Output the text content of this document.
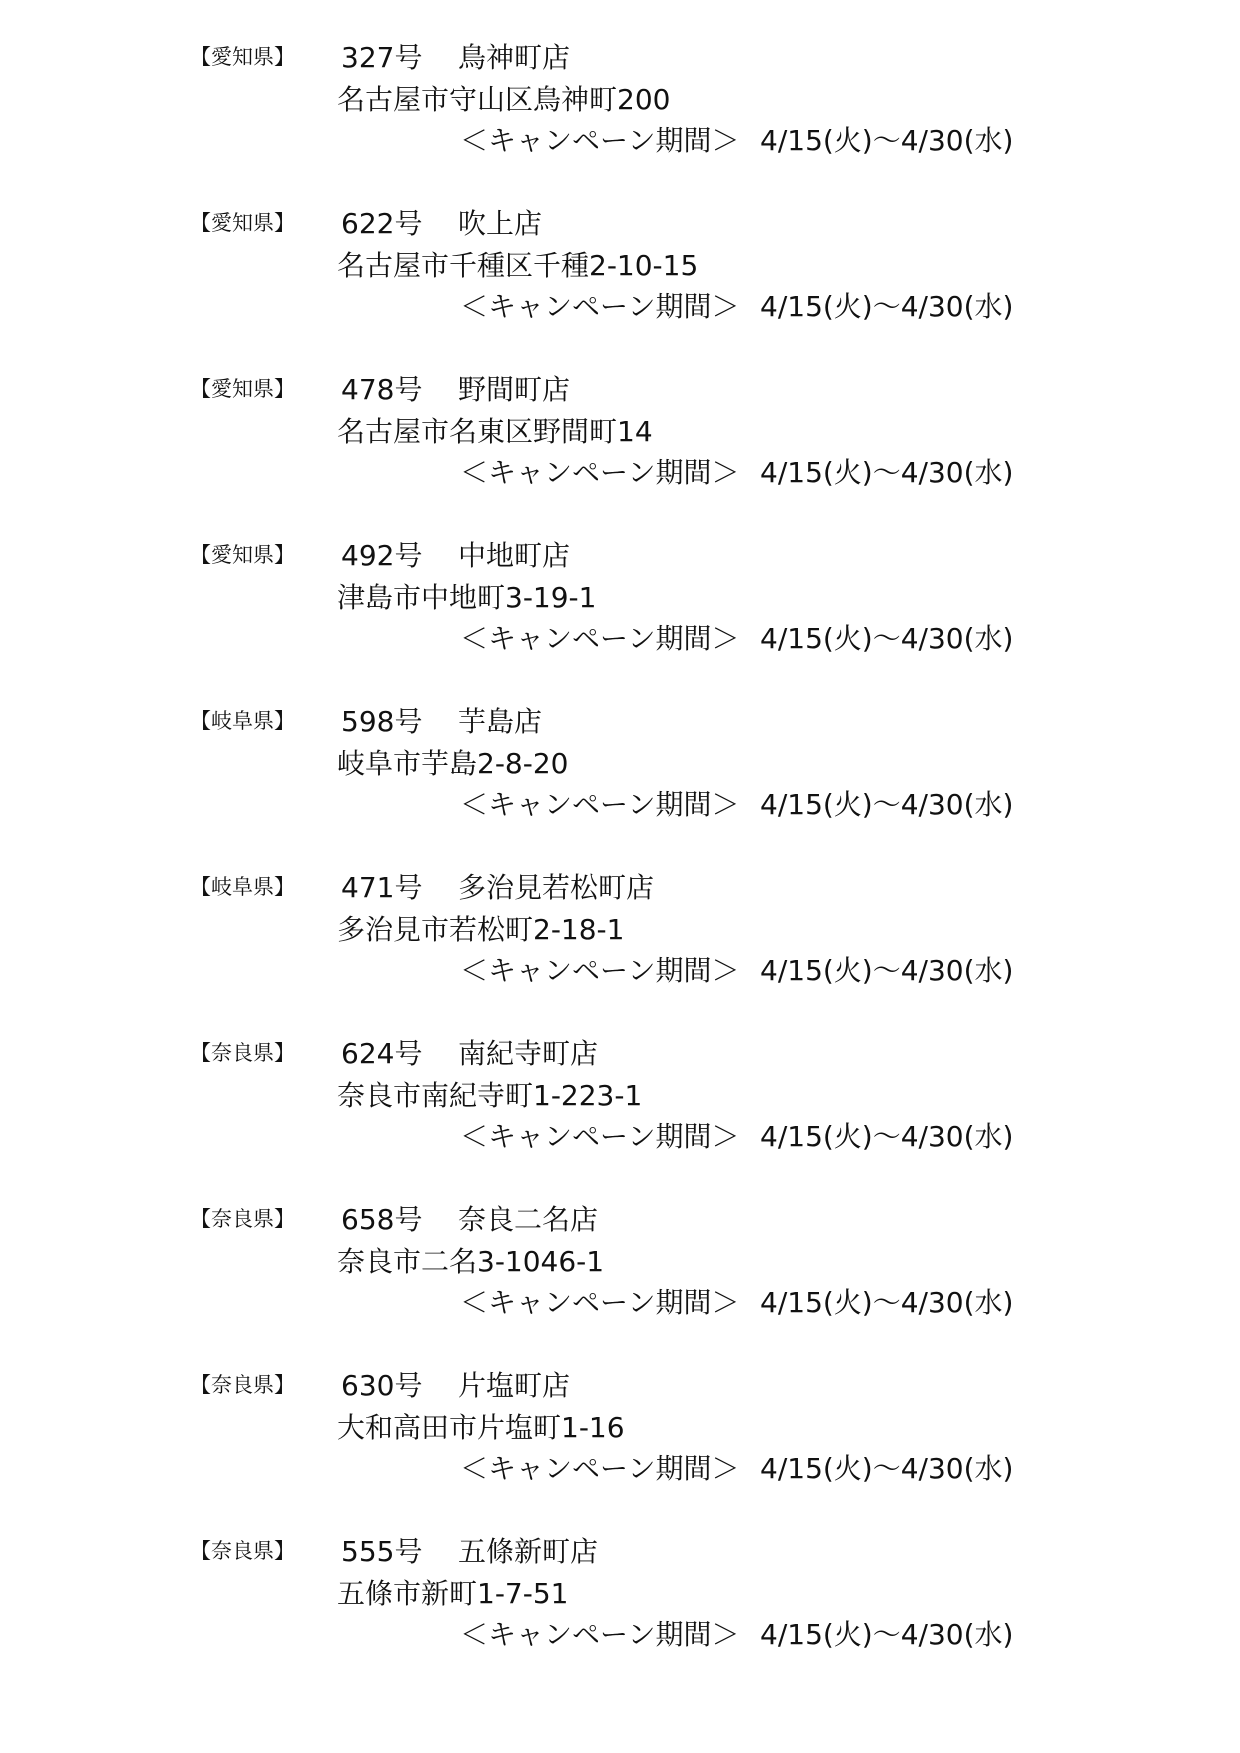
【愛知県】 327号 鳥神町店
名古屋市守山区鳥神町200
＜キャンペーン期間＞ 4/15(火)～4/30(水)
【愛知県】 622号 吹上店
名古屋市千種区千種2-10-15
＜キャンペーン期間＞ 4/15(火)～4/30(水)
【愛知県】 478号 野間町店
名古屋市名東区野間町14
＜キャンペーン期間＞ 4/15(火)～4/30(水)
【愛知県】 492号 中地町店
津島市中地町3-19-1
＜キャンペーン期間＞ 4/15(火)～4/30(水)
【岐阜県】 598号 芋島店
岐阜市芋島2-8-20
＜キャンペーン期間＞ 4/15(火)～4/30(水)
【岐阜県】 471号 多治見若松町店
多治見市若松町2-18-1
＜キャンペーン期間＞ 4/15(火)～4/30(水)
【奈良県】 624号 南紀寺町店
奈良市南紀寺町1-223-1
＜キャンペーン期間＞ 4/15(火)～4/30(水)
【奈良県】 658号 奈良二名店
奈良市二名3-1046-1
＜キャンペーン期間＞ 4/15(火)～4/30(水)
【奈良県】 630号 片塩町店
大和高田市片塩町1-16
＜キャンペーン期間＞ 4/15(火)～4/30(水)
【奈良県】 555号 五條新町店
五條市新町1-7-51
＜キャンペーン期間＞ 4/15(火)～4/30(水)
